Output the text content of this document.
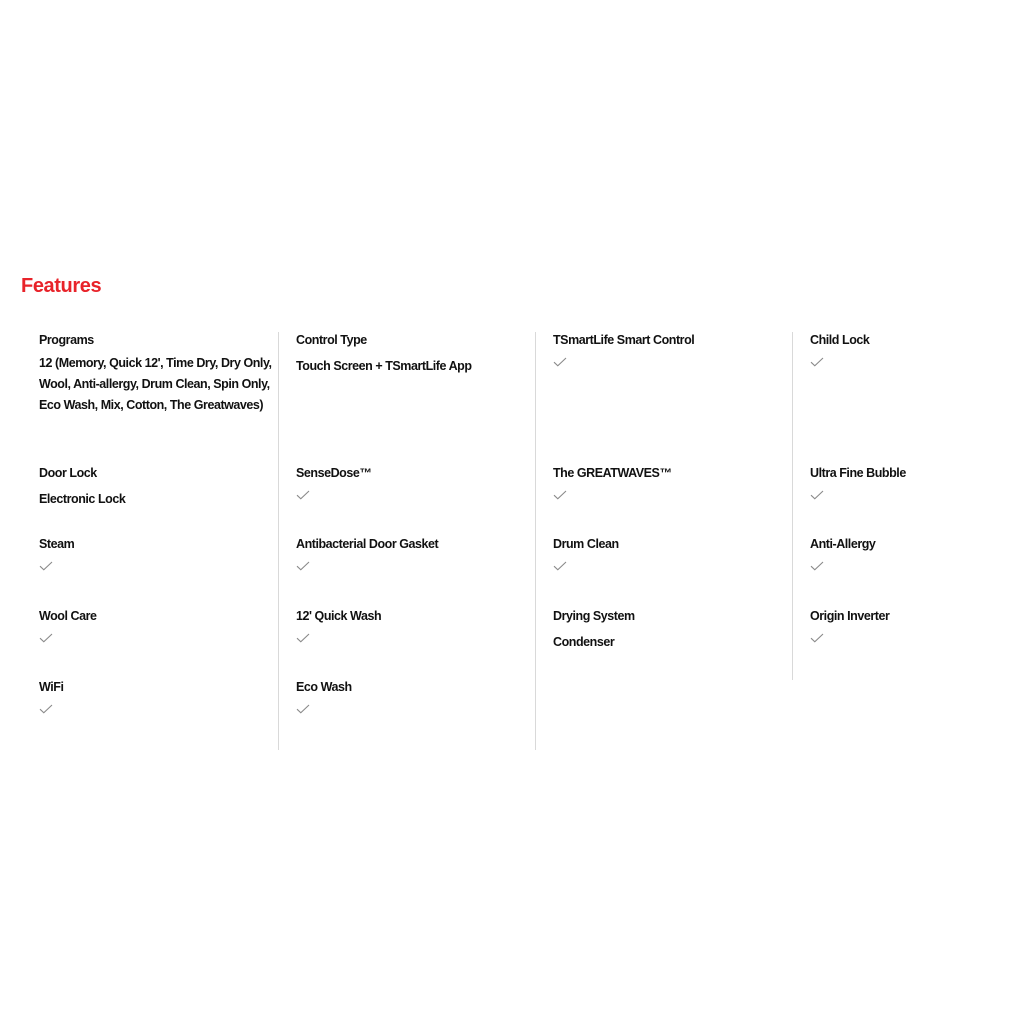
Features
Programs
12 (Memory, Quick 12', Time Dry, Dry Only, Wool, Anti-allergy, Drum Clean, Spin Only, Eco Wash, Mix, Cotton, The Greatwaves)
Door Lock
Electronic Lock
Steam
Wool Care
WiFi
Control Type
Touch Screen + TSmartLife App
SenseDose™
Antibacterial Door Gasket
12' Quick Wash
Eco Wash
TSmartLife Smart Control
The GREATWAVES™
Drum Clean
Drying System
Condenser
Child Lock
Ultra Fine Bubble
Anti-Allergy
Origin Inverter
